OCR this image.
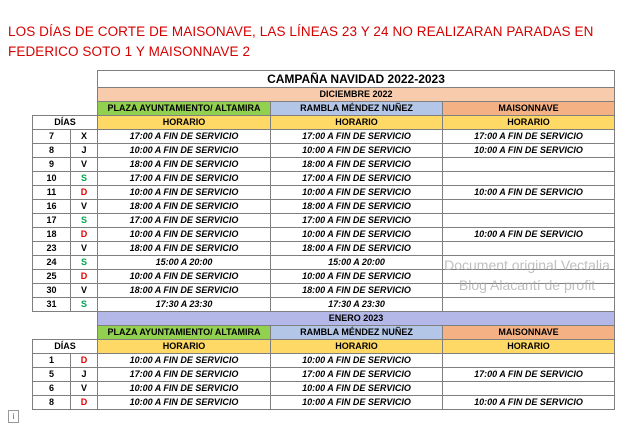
LOS DÍAS DE CORTE DE MAISONAVE, LAS LÍNEAS 23 Y 24 NO REALIZARAN PARADAS EN FEDERICO SOTO 1 Y MAISONNAVE 2
		CAMPAÑA NAVIDAD 2022-2023		
		DICIEMBRE 2022		
		PLAZA AYUNTAMIENTO/ ALTAMIRA	RAMBLA MÉNDEZ NUÑEZ	MAISONNAVE
DÍAS		HORARIO	HORARIO	HORARIO
7	X	17:00 A FIN DE SERVICIO	17:00 A FIN DE SERVICIO	17:00 A FIN DE SERVICIO
8	J	10:00 A FIN DE SERVICIO	10:00 A FIN DE SERVICIO	10:00 A FIN DE SERVICIO
9	V	18:00 A FIN DE SERVICIO	18:00 A FIN DE SERVICIO	
10	S	17:00 A FIN DE SERVICIO	17:00 A FIN DE SERVICIO	
11	D	10:00 A FIN DE SERVICIO	10:00 A FIN DE SERVICIO	10:00 A FIN DE SERVICIO
16	V	18:00 A FIN DE SERVICIO	18:00 A FIN DE SERVICIO	
17	S	17:00 A FIN DE SERVICIO	17:00 A FIN DE SERVICIO	
18	D	10:00 A FIN DE SERVICIO	10:00 A FIN DE SERVICIO	10:00 A FIN DE SERVICIO
23	V	18:00 A FIN DE SERVICIO	18:00 A FIN DE SERVICIO	
24	S	15:00 A 20:00	15:00 A 20:00	
25	D	10:00 A FIN DE SERVICIO	10:00 A FIN DE SERVICIO	
30	V	18:00 A FIN DE SERVICIO	18:00 A FIN DE SERVICIO	
31	S	17:30 A 23:30	17:30 A 23:30	
		ENERO 2023		
		PLAZA AYUNTAMIENTO/ ALTAMIRA	RAMBLA MÉNDEZ NUÑEZ	MAISONNAVE
DÍAS		HORARIO	HORARIO	HORARIO
1	D	10:00 A FIN DE SERVICIO	10:00 A FIN DE SERVICIO	
5	J	17:00 A FIN DE SERVICIO	17:00 A FIN DE SERVICIO	17:00 A FIN DE SERVICIO
6	V	10:00 A FIN DE SERVICIO	10:00 A FIN DE SERVICIO	
8	D	10:00 A FIN DE SERVICIO	10:00 A FIN DE SERVICIO	10:00 A FIN DE SERVICIO
Document original Vectalia
Blog Alacantí de profit
i
